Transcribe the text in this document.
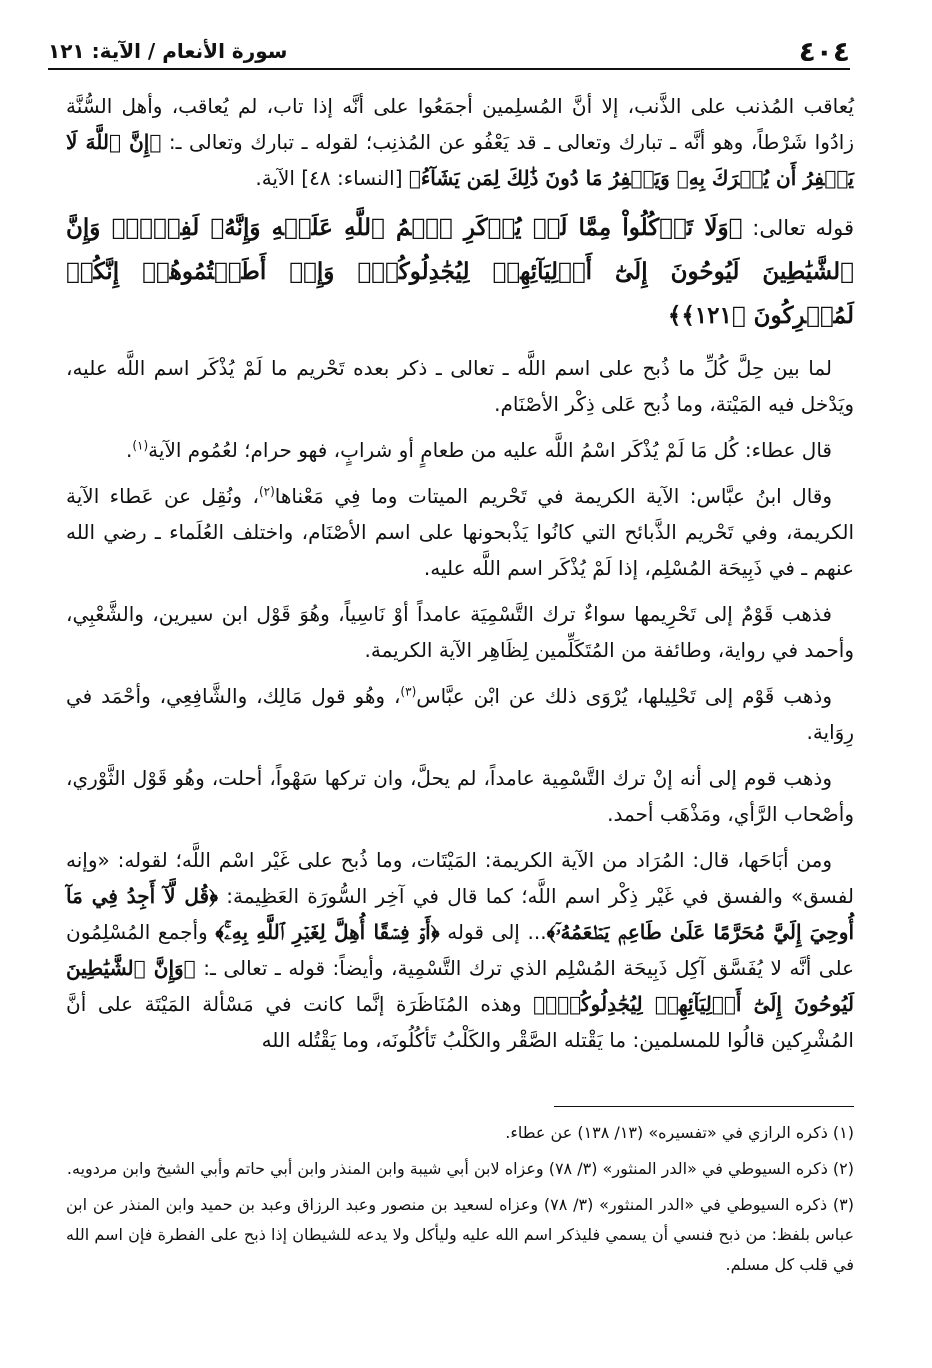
٤٠٤
سورة الأنعام / الآية: ١٢١

يُعاقب المُذنب على الذَّنب، إلا أنَّ المُسلِمين أجمَعُوا على أنَّه إذا تاب، لم يُعاقب، وأهل السُّنَّة زادُوا شَرْطاً، وهو أنَّه ـ تبارك وتعالى ـ قد يَعْفُو عن المُذنِب؛ لقوله ـ تبارك وتعالى ـ: ﴿إِنَّ ٱللَّهَ لَا يَغۡفِرُ أَن يُشۡرَكَ بِهِۦ وَيَغۡفِرُ مَا دُونَ ذَٰلِكَ لِمَن يَشَآءُ﴾ [النساء: ٤٨] الآية.

قوله تعالى: ﴿وَلَا تَأۡكُلُواْ مِمَّا لَمۡ يُذۡكَرِ ٱسۡمُ ٱللَّهِ عَلَيۡهِ وَإِنَّهُۥ لَفِسۡقٞۗ وَإِنَّ ٱلشَّيَٰطِينَ لَيُوحُونَ إِلَىٰٓ أَوۡلِيَآئِهِمۡ لِيُجَٰدِلُوكُمۡۖ وَإِنۡ أَطَعۡتُمُوهُمۡ إِنَّكُمۡ لَمُشۡرِكُونَ ﴿١٢١﴾﴾

لما بين حِلَّ كُلِّ ما ذُبح على اسم اللَّه ـ تعالى ـ ذكر بعده تَحْريم ما لَمْ يُذْكَر اسم اللَّه عليه، ويَدْخل فيه المَيْتة، وما ذُبح عَلى ذِكْر الأصْنَام.

قال عطاء: كُل مَا لَمْ يُذْكَر اسْمُ اللَّه عليه من طعامٍ أو شرابٍ، فهو حرام؛ لعُمُوم الآية$^{(١)}$.

وقال ابنُ عبَّاس: الآية الكريمة في تَحْريم الميتات وما فِي مَعْناها$^{(٢)}$، ونُقِل عن عَطاء الآية الكريمة، وفي تَحْريم الذَّبائح التي كانُوا يَذْبحونها على اسم الأصْنَام، واختلف العُلَماء ـ رضي الله عنهم ـ في ذَبِيحَة المُسْلِم، إذا لَمْ يُذْكَر اسم اللَّه عليه.

فذهب قَوْمٌ إلى تَحْرِيمها سواءٌ ترك التَّسْمِيَة عامداً أوْ نَاسِياً، وهُوَ قَوْل ابن سيرين، والشَّعْبِي، وأحمد في رواية، وطائفة من المُتَكَلِّمين لِظَاهِر الآية الكريمة.

وذهب قَوْم إلى تَحْلِيلها، يُرْوَى ذلك عن ابْن عبَّاس$^{(٣)}$، وهُو قول مَالِك، والشَّافِعِي، وأحْمَد في رِوَاية.

وذهب قوم إلى أنه إنْ ترك التَّسْمِية عامداً، لم يحلَّ، وان تركها سَهْواً، أحلت، وهُو قَوْل الثَّوْري، وأصْحاب الرَّأي، ومَذْهَب أحمد.

ومن أبَاحَها، قال: المُرَاد من الآية الكريمة: المَيْتَات، وما ذُبح على غَيْر اسْم اللَّه؛ لقوله: «وإنه لفسق» والفسق في غَيْر ذِكْر اسم اللَّه؛ كما قال في آخِر السُّورَة العَظِيمة: ﴿قُل لَّآ أَجِدُ فِي مَآ أُوحِيَ إِلَيَّ مُحَرَّمًا عَلَىٰ طَاعِمٖ يَطۡعَمُهُۥٓ﴾... إلى قوله ﴿أَوۡ فِسۡقًا أُهِلَّ لِغَيۡرِ ٱللَّهِ بِهِۦۚ﴾ وأجمع المُسْلِمُون على أنَّه لا يُفَسَّق آكِل ذَبِيحَة المُسْلِم الذي ترك التَّسْمِية، وأيضاً: قوله ـ تعالى ـ: ﴿وَإِنَّ ٱلشَّيَٰطِينَ لَيُوحُونَ إِلَىٰٓ أَوۡلِيَآئِهِمۡ لِيُجَٰدِلُوكُمۡۖ﴾ وهذه المُنَاظَرَة إنَّما كانت في مَسْألة المَيْتَة على أنَّ المُشْرِكين قالُوا للمسلمين: ما يَقْتله الصَّقْر والكَلْبُ تَأكُلُونَه، وما يَقْتُله الله

(١) ذكره الرازي في «تفسيره» (١٣/ ١٣٨) عن عطاء.
(٢) ذكره السيوطي في «الدر المنثور» (٣/ ٧٨) وعزاه لابن أبي شيبة وابن المنذر وابن أبي حاتم وأبي الشيخ وابن مردويه.
(٣) ذكره السيوطي في «الدر المنثور» (٣/ ٧٨) وعزاه لسعيد بن منصور وعبد الرزاق وعبد بن حميد وابن المنذر عن ابن عباس بلفظ: من ذبح فنسي أن يسمي فليذكر اسم الله عليه وليأكل ولا يدعه للشيطان إذا ذبح على الفطرة فإن اسم الله في قلب كل مسلم.
